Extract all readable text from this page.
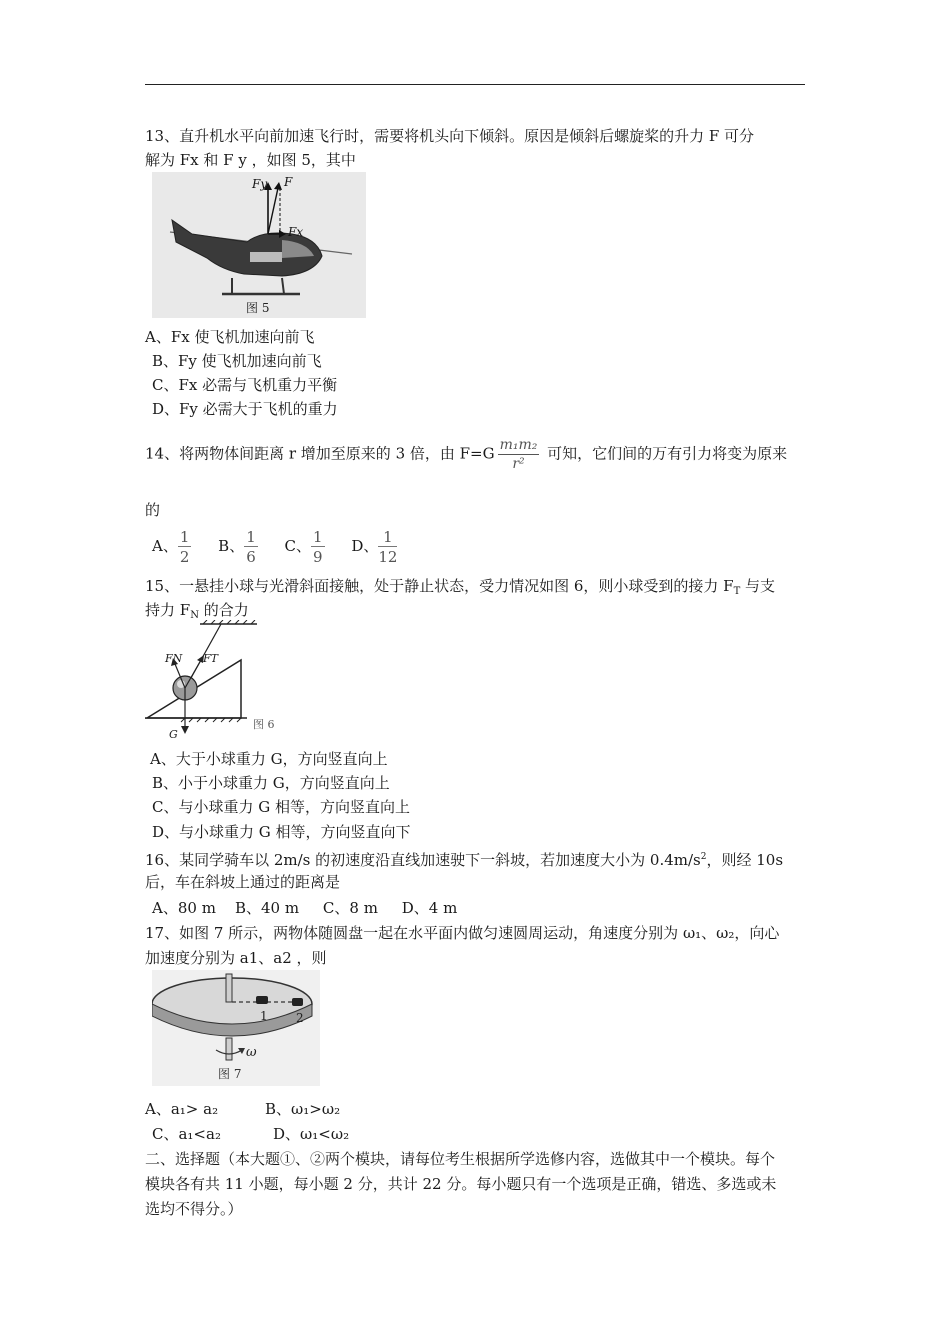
13、直升机水平向前加速飞行时，需要将机头向下倾斜。原因是倾斜后螺旋桨的升力 F 可分
解为 Fx 和 F y ，如图 5，其中
Fy F
Fx
图 5
A、Fx 使飞机加速向前飞
B、Fy 使飞机加速向前飞
C、Fx 必需与飞机重力平衡
D、Fy 必需大于飞机的重力
14、将两物体间距离 r 增加至原来的 3 倍，由 $F=G \frac{\text{m₁m₂}}{\text{r²}}$ 可知，它们间的万有引力将变为原来
的
A、 $\frac{1}{2}$ B、 $\frac{1}{6}$ C、 $\frac{1}{9}$ D、 $\frac{1}{12}$
15、一悬挂小球与光滑斜面接触，处于静止状态，受力情况如图 6，则小球受到的接力 $F_T$ 与支
持力 $F_N$ 的合力
FN FT
G
图 6
A、大于小球重力 G，方向竖直向上
B、小于小球重力 G，方向竖直向上
C、与小球重力 G 相等，方向竖直向上
D、与小球重力 G 相等，方向竖直向下
16、某同学骑车以 2m/s 的初速度沿直线加速驶下一斜坡，若加速度大小为 $0.4m/s^2$，则经 10s
后，车在斜坡上通过的距离是
A、80 m    B、40 m     C、8 m     D、4 m
17、如图 7 所示，两物体随圆盘一起在水平面内做匀速圆周运动，角速度分别为 ω₁、ω₂，向心
加速度分别为 a1、a2 ，则
1 2
ω
图 7
A、a₁> a₂	B、ω₁>ω₂
C、a₁<a₂	D、ω₁<ω₂
二、选择题（本大题①、②两个模块，请每位考生根据所学选修内容，选做其中一个模块。每个
模块各有共 11 小题，每小题 2 分，共计 22 分。每小题只有一个选项是正确，错选、多选或未
选均不得分。）
